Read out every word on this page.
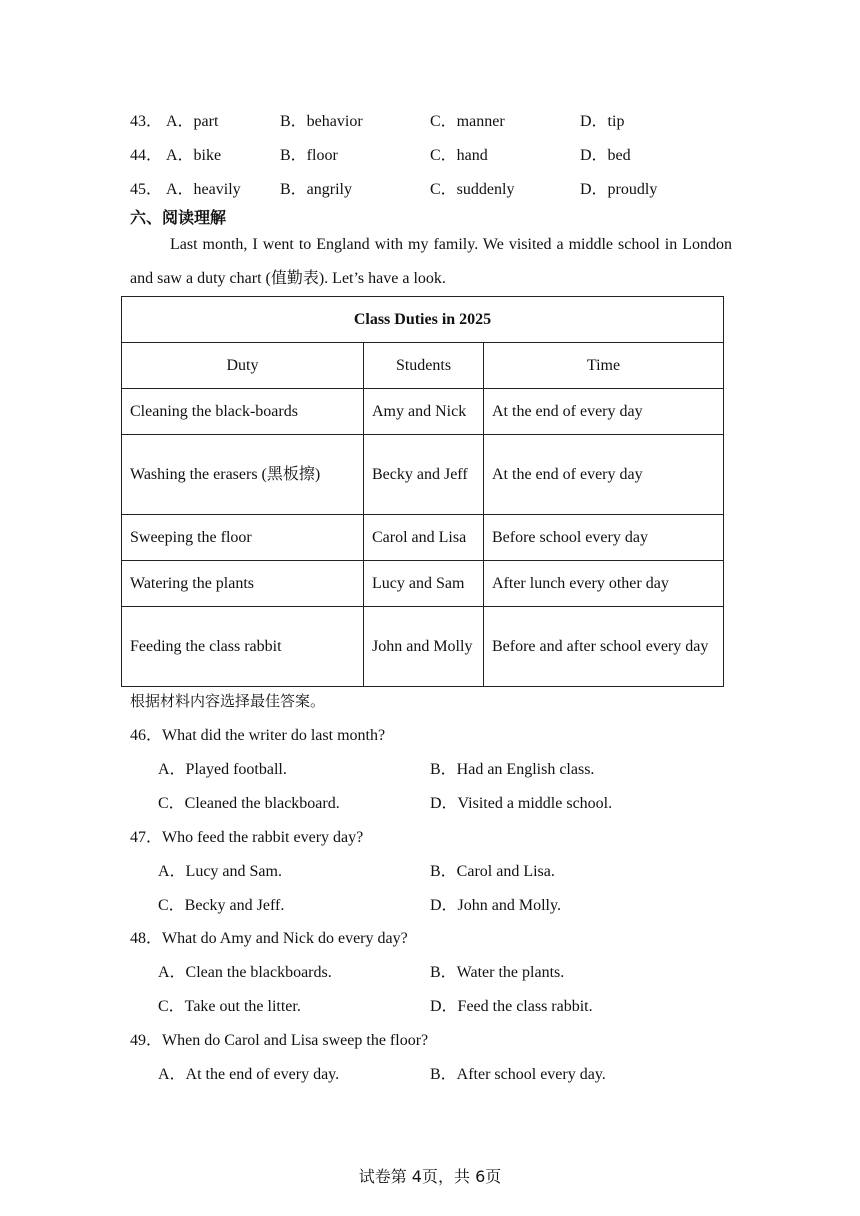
43． A．part	B．behavior	C．manner	D．tip
44． A．bike	B．floor	C．hand	D．bed
45． A．heavily B．angrily	C．suddenly	D．proudly
六、阅读理解
Last month, I went to England with my family. We visited a middle school in London and saw a duty chart (值勤表). Let’s have a look.
Class Duties in 2025		
Duty	Students	Time
Cleaning the black-boards	Amy and Nick	At the end of every day
Washing the erasers (黑板擦)	Becky and Jeff	At the end of every day
Sweeping the floor	Carol and Lisa	Before school every day
Watering the plants	Lucy and Sam	After lunch every other day
Feeding the class rabbit	John and Molly	Before and after school every day
根据材料内容选择最佳答案。
46．What did the writer do last month?
A．Played football.	B．Had an English class.
C．Cleaned the blackboard.	D．Visited a middle school.
47．Who feed the rabbit every day?
A．Lucy and Sam.	B．Carol and Lisa.
C．Becky and Jeff.	D．John and Molly.
48．What do Amy and Nick do every day?
A．Clean the blackboards.	B．Water the plants.
C．Take out the litter.	D．Feed the class rabbit.
49．When do Carol and Lisa sweep the floor?
A．At the end of every day.	B．After school every day.
试卷第 4页，共 6页
